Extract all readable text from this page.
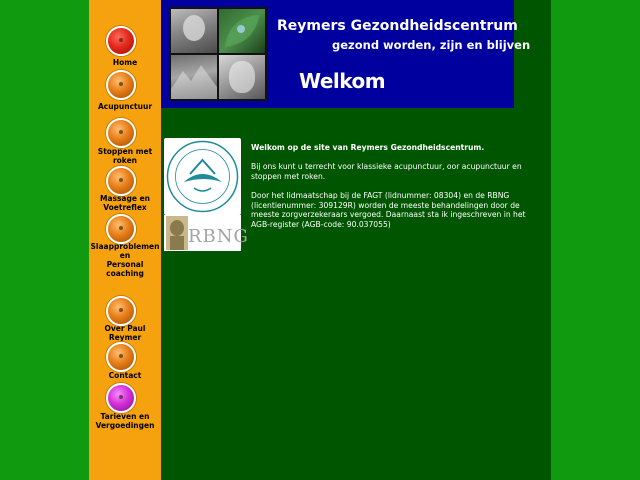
Home
Acupunctuur
Stoppen met
roken
Massage en
Voetreflex
Slaapproblemen
en
Personal
coaching
Over Paul
Reymer
Contact
Tarieven en
Vergoedingen
Reymers Gezondheidscentrum
gezond worden, zijn en blijven
Welkom
RBNG

Welkom op de site van Reymers Gezondheidscentrum.

Bij ons kunt u terrecht voor klassieke acupunctuur, oor acupunctuur en stoppen met roken.

Door het lidmaatschap bij de FAGT (lidnummer: 08304) en de RBNG (licentienummer: 309129R) worden de meeste behandelingen door de meeste zorgverzekeraars vergoed. Daarnaast sta ik ingeschreven in het AGB-register (AGB-code: 90.037055)
